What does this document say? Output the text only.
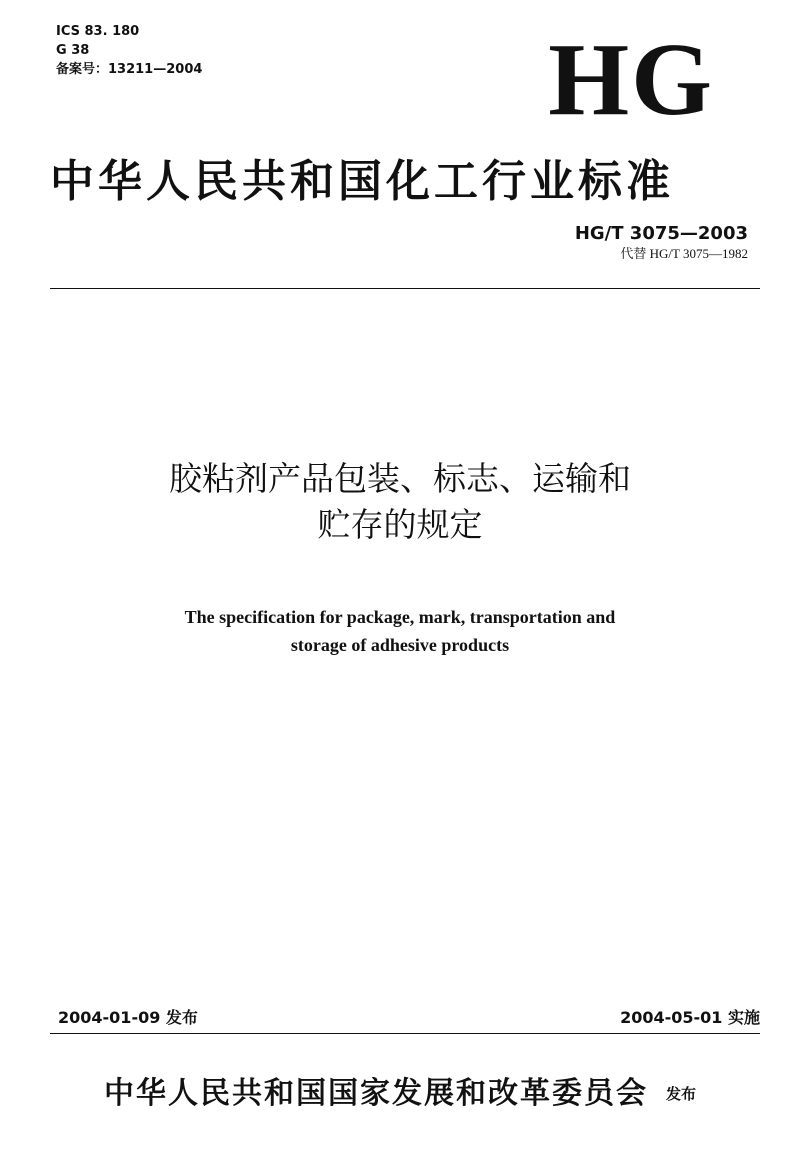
ICS 83. 180
G 38
备案号：13211—2004	HG
中华人民共和国化工行业标准
HG/T 3075—2003
代替 HG/T 3075—1982
胶粘剂产品包装、标志、运输和
贮存的规定
The specification for package, mark, transportation and
storage of adhesive products
2004-01-09 发布	2004-05-01 实施
中华人民共和国国家发展和改革委员会 发布
